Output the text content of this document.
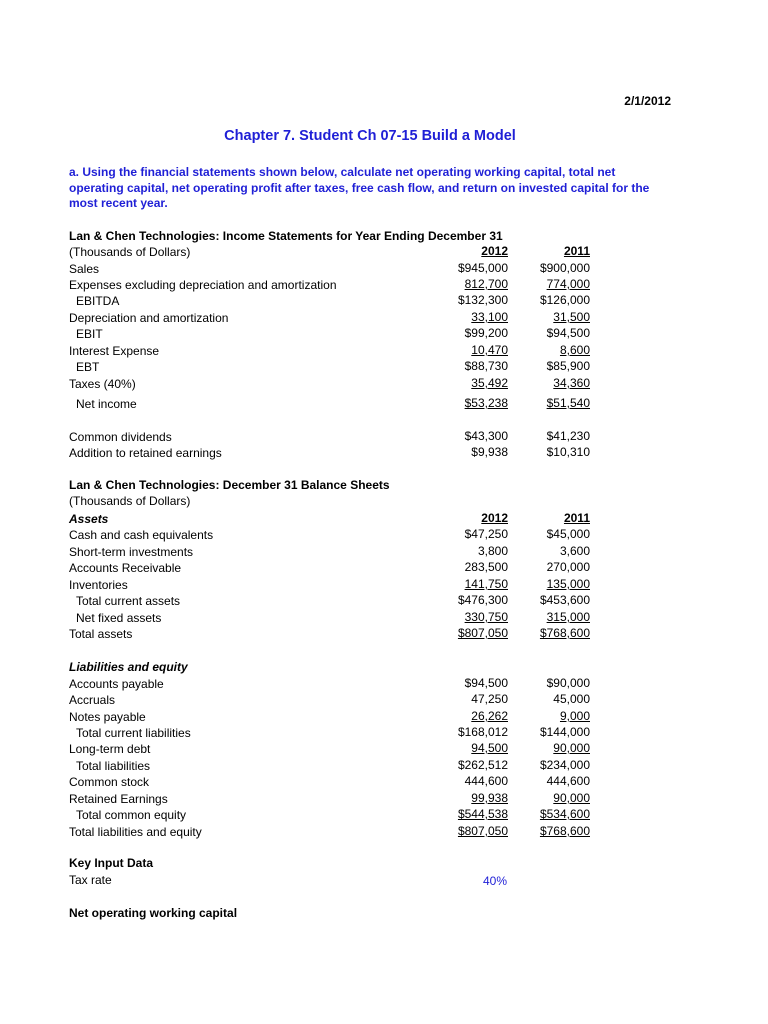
2/1/2012
Chapter 7. Student Ch 07-15 Build a Model
a. Using the financial statements shown below, calculate net operating working capital, total net operating capital, net operating profit after taxes, free cash flow, and return on invested capital for the most recent year.
Lan & Chen Technologies: Income Statements for Year Ending December 31
(Thousands of Dollars)	2012	2011
Sales	$945,000	$900,000
Expenses excluding depreciation and amortization	812,700	774,000
EBITDA	$132,300	$126,000
Depreciation and amortization	33,100	31,500
EBIT	$99,200	$94,500
Interest Expense	10,470	8,600
EBT	$88,730	$85,900
Taxes (40%)	35,492	34,360
Net income	$53,238	$51,540
Common dividends	$43,300	$41,230
Addition to retained earnings	$9,938	$10,310
Lan & Chen Technologies: December 31 Balance Sheets
(Thousands of Dollars)
Assets	2012	2011
Cash and cash equivalents	$47,250	$45,000
Short-term investments	3,800	3,600
Accounts Receivable	283,500	270,000
Inventories	141,750	135,000
Total current assets	$476,300	$453,600
Net fixed assets	330,750	315,000
Total assets	$807,050	$768,600
Liabilities and equity
Accounts payable	$94,500	$90,000
Accruals	47,250	45,000
Notes payable	26,262	9,000
Total current liabilities	$168,012	$144,000
Long-term debt	94,500	90,000
Total liabilities	$262,512	$234,000
Common stock	444,600	444,600
Retained Earnings	99,938	90,000
Total common equity	$544,538	$534,600
Total liabilities and equity	$807,050	$768,600
Key Input Data
Tax rate	40%
Net operating working capital
